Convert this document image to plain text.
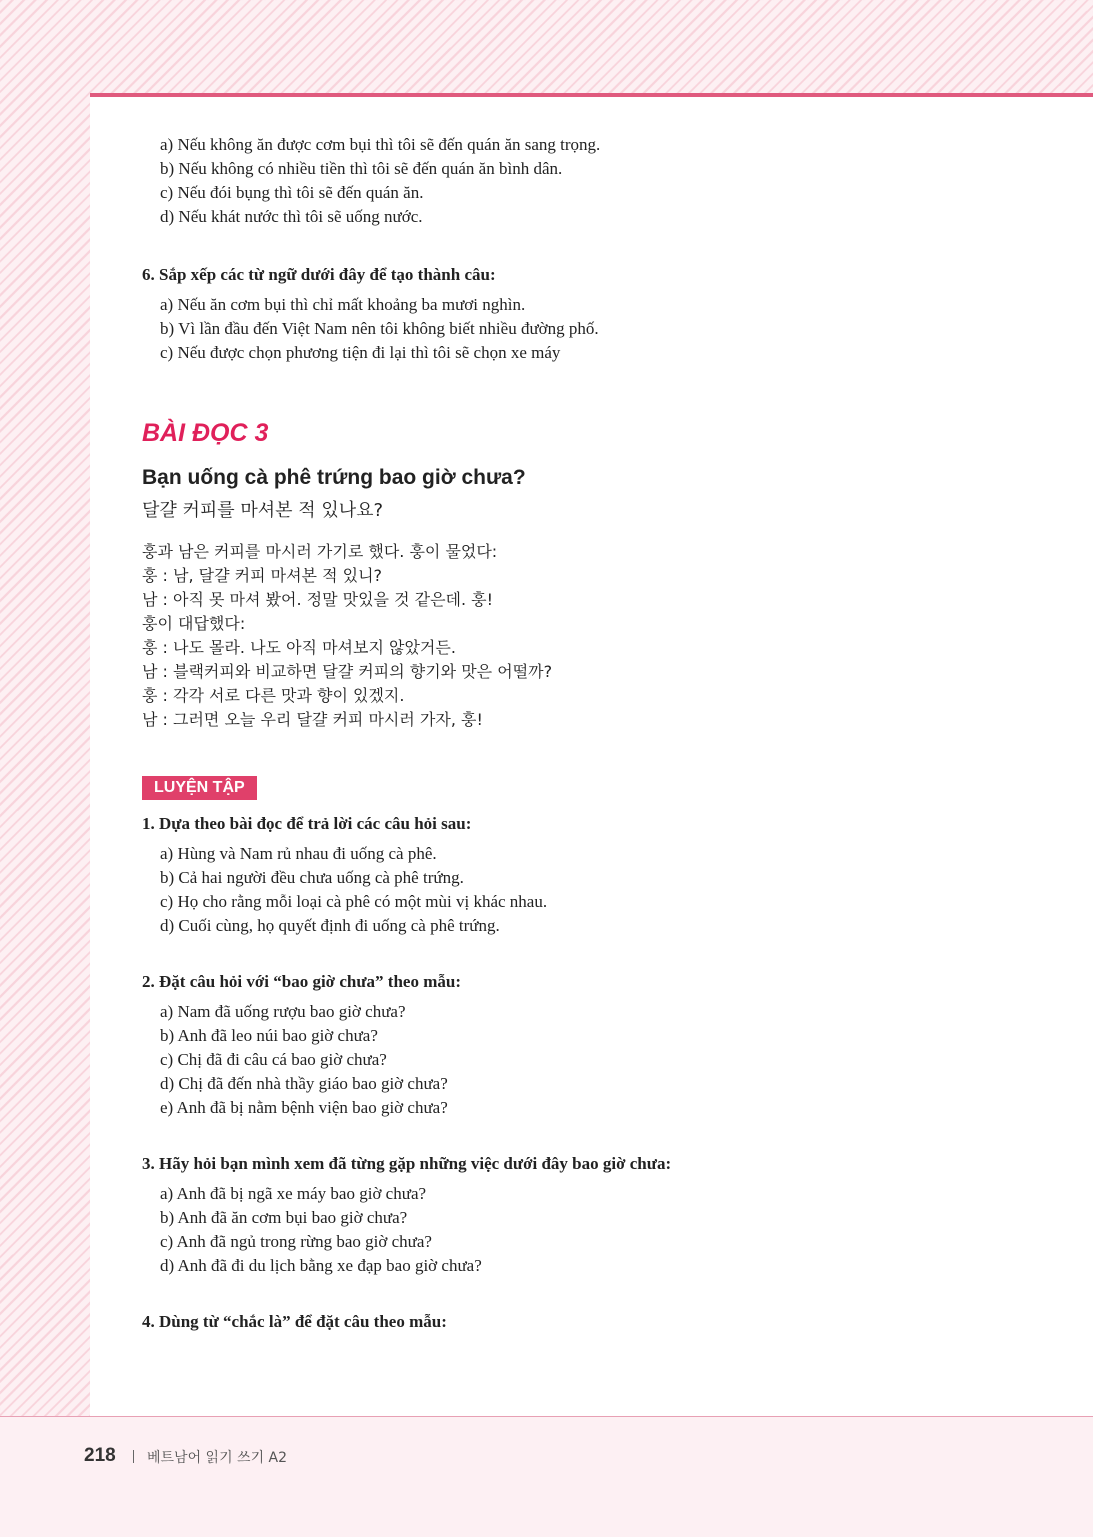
a) Nếu không ăn được cơm bụi thì tôi sẽ đến quán ăn sang trọng.
b) Nếu không có nhiều tiền thì tôi sẽ đến quán ăn bình dân.
c) Nếu đói bụng thì tôi sẽ đến quán ăn.
d) Nếu khát nước thì tôi sẽ uống nước.

6. Sắp xếp các từ ngữ dưới đây để tạo thành câu:

a) Nếu ăn cơm bụi thì chỉ mất khoảng ba mươi nghìn.
b) Vì lần đầu đến Việt Nam nên tôi không biết nhiều đường phố.
c) Nếu được chọn phương tiện đi lại thì tôi sẽ chọn xe máy
BÀI ĐỌC 3
Bạn uống cà phê trứng bao giờ chưa?

달걀 커피를 마셔본 적 있나요?

훙과 남은 커피를 마시러 가기로 했다. 훙이 물었다:
훙 : 남, 달걀 커피 마셔본 적 있니?
남 : 아직 못 마셔 봤어. 정말 맛있을 것 같은데. 훙!
훙이 대답했다:
훙 : 나도 몰라. 나도 아직 마셔보지 않았거든.
남 : 블랙커피와 비교하면 달걀 커피의 향기와 맛은 어떨까?
훙 : 각각 서로 다른 맛과 향이 있겠지.
남 : 그러면 오늘 우리 달걀 커피 마시러 가자, 훙!
LUYỆN TẬP

1. Dựa theo bài đọc để trả lời các câu hỏi sau:

a) Hùng và Nam rủ nhau đi uống cà phê.
b) Cả hai người đều chưa uống cà phê trứng.
c) Họ cho rằng mỗi loại cà phê có một mùi vị khác nhau.
d) Cuối cùng, họ quyết định đi uống cà phê trứng.

2. Đặt câu hỏi với “bao giờ chưa” theo mẫu:

a) Nam đã uống rượu bao giờ chưa?
b) Anh đã leo núi bao giờ chưa?
c) Chị đã đi câu cá bao giờ chưa?
d) Chị đã đến nhà thầy giáo bao giờ chưa?
e) Anh đã bị nằm bệnh viện bao giờ chưa?

3. Hãy hỏi bạn mình xem đã từng gặp những việc dưới đây bao giờ chưa:

a) Anh đã bị ngã xe máy bao giờ chưa?
b) Anh đã ăn cơm bụi bao giờ chưa?
c) Anh đã ngủ trong rừng bao giờ chưa?
d) Anh đã đi du lịch bằng xe đạp bao giờ chưa?

4. Dùng từ “chắc là” để đặt câu theo mẫu:

218 베트남어 읽기 쓰기 A2
